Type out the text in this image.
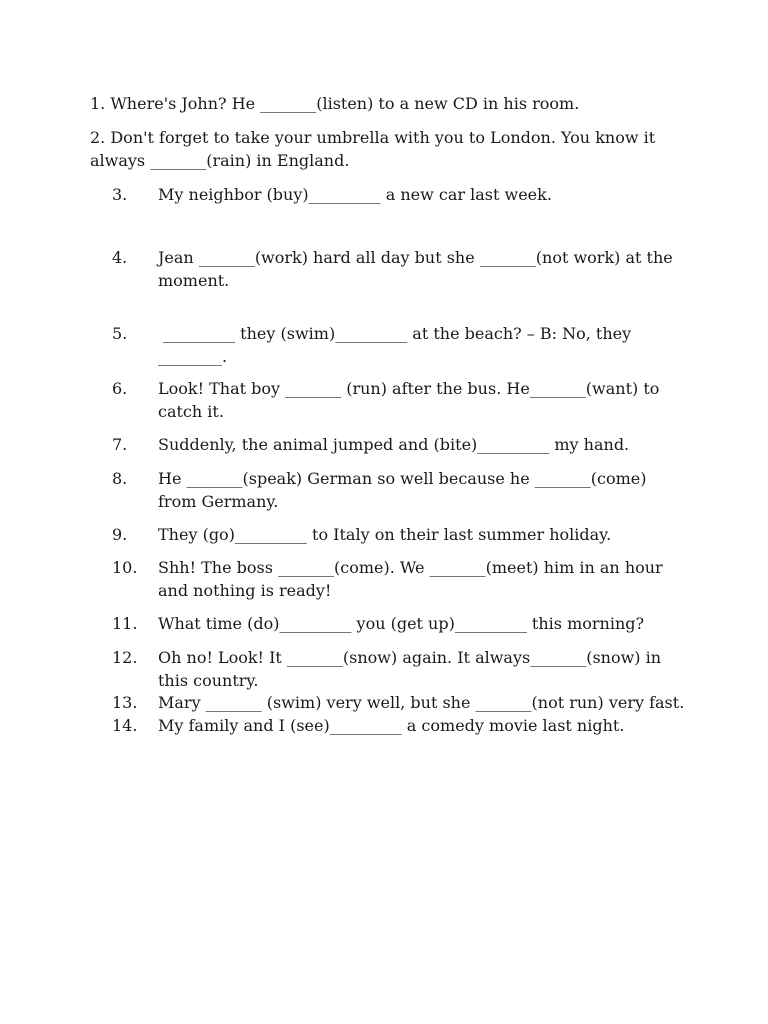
1. Where's John? He _______(listen) to a new CD in his room.
2. Don't forget to take your umbrella with you to London. You know it always _______(rain) in England.
3.	My neighbor (buy)_________ a new car last week.
4.	Jean _______(work) hard all day but she _______(not work) at the moment.
5.	_________ they (swim)_________ at the beach? – B: No, they ________.
6.	Look! That boy _______ (run) after the bus. He_______(want) to catch it.
7.	Suddenly, the animal jumped and (bite)_________ my hand.
8.	He _______(speak) German so well because he _______(come) from Germany.
9.	They (go)_________ to Italy on their last summer holiday.
10.	Shh! The boss _______(come). We _______(meet) him in an hour and nothing is ready!
11.	What time (do)_________ you (get up)_________ this morning?
12.	Oh no! Look! It _______(snow) again. It always_______(snow) in this country.
13.	Mary _______ (swim) very well, but she _______(not run) very fast.
14.	My family and I (see)_________ a comedy movie last night.
